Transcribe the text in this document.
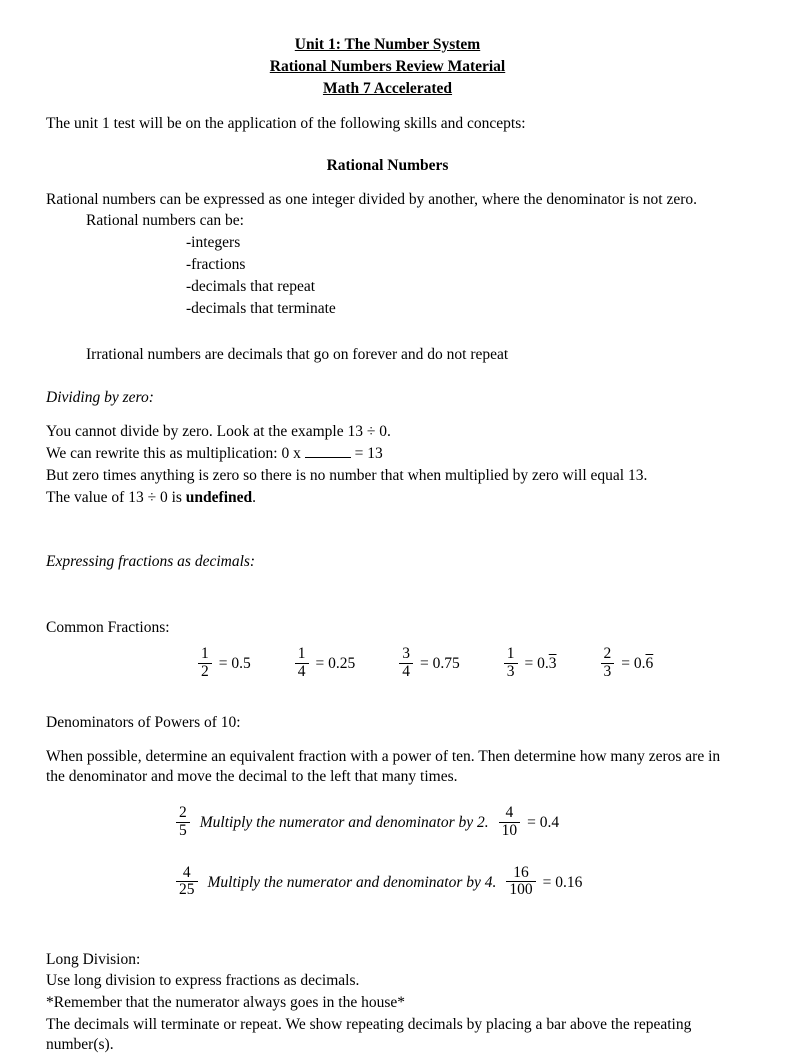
Unit 1: The Number System
Rational Numbers Review Material
Math 7 Accelerated
The unit 1 test will be on the application of the following skills and concepts:
Rational Numbers
Rational numbers can be expressed as one integer divided by another, where the denominator is not zero.
Rational numbers can be:
-integers
-fractions
-decimals that repeat
-decimals that terminate
Irrational numbers are decimals that go on forever and do not repeat
Dividing by zero:
You cannot divide by zero. Look at the example 13 ÷ 0.
We can rewrite this as multiplication: 0 x	= 13
But zero times anything is zero so there is no number that when multiplied by zero will equal 13.
The value of 13 ÷ 0 is undefined.
Expressing fractions as decimals:
Common Fractions:
$\frac{1}{2} = 0.5$	$\frac{1}{4} = 0.25$	$\frac{3}{4} = 0.75$	$\frac{1}{3} = 0.3$	$\frac{2}{3} = 0.6$
Denominators of Powers of 10:
When possible, determine an equivalent fraction with a power of ten. Then determine how many zeros are in the denominator and move the decimal to the left that many times.
$\frac{2}{5}$ Multiply the numerator and denominator by 2. $\frac{4}{10} = 0.4$
$\frac{4}{25}$ Multiply the numerator and denominator by 4. $\frac{16}{100} = 0.16$
Long Division:
Use long division to express fractions as decimals.
*Remember that the numerator always goes in the house*
The decimals will terminate or repeat. We show repeating decimals by placing a bar above the repeating number(s).
